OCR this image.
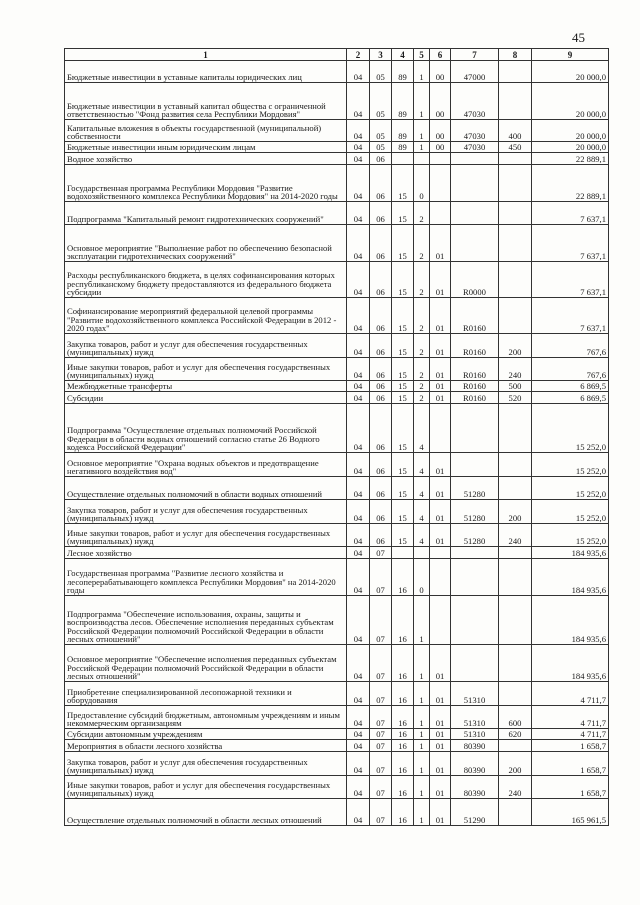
45
1	2	3	4	5	6	7	8	9
Бюджетные инвестиции в уставные капиталы юридических лиц	04	05	89	1	00	47000		20 000,0
Бюджетные инвестиции в уставный капитал общества с ограниченной ответственностью "Фонд развития села Республики Мордовия"	04	05	89	1	00	47030		20 000,0
Капитальные вложения в объекты государственной (муниципальной) собственности	04	05	89	1	00	47030	400	20 000,0
Бюджетные инвестиции иным юридическим лицам	04	05	89	1	00	47030	450	20 000,0
Водное хозяйство	04	06						22 889,1
Государственная программа Республики Мордовия "Развитие водохозяйственного комплекса Республики Мордовия" на 2014-2020 годы	04	06	15	0				22 889,1
Подпрограмма "Капитальный ремонт гидротехнических сооружений"	04	06	15	2				7 637,1
Основное мероприятие "Выполнение работ по обеспечению безопасной эксплуатации гидротехнических сооружений"	04	06	15	2	01			7 637,1
Расходы республиканского бюджета, в целях софинансирования которых республиканскому бюджету предоставляются из федерального бюджета субсидии	04	06	15	2	01	R0000		7 637,1
Софинансирование мероприятий федеральной целевой программы "Развитие водохозяйственного комплекса Российской Федерации в 2012 - 2020 годах"	04	06	15	2	01	R0160		7 637,1
Закупка товаров, работ и услуг для обеспечения государственных (муниципальных) нужд	04	06	15	2	01	R0160	200	767,6
Иные закупки товаров, работ и услуг для обеспечения государственных (муниципальных) нужд	04	06	15	2	01	R0160	240	767,6
Межбюджетные трансферты	04	06	15	2	01	R0160	500	6 869,5
Субсидии	04	06	15	2	01	R0160	520	6 869,5
Подпрограмма "Осуществление отдельных полномочий Российской Федерации в области водных отношений согласно статье 26 Водного кодекса Российской Федерации"	04	06	15	4				15 252,0
Основное мероприятие "Охрана водных объектов и предотвращение негативного воздействия вод"	04	06	15	4	01			15 252,0
Осуществление отдельных полномочий в области водных отношений	04	06	15	4	01	51280		15 252,0
Закупка товаров, работ и услуг для обеспечения государственных (муниципальных) нужд	04	06	15	4	01	51280	200	15 252,0
Иные закупки товаров, работ и услуг для обеспечения государственных (муниципальных) нужд	04	06	15	4	01	51280	240	15 252,0
Лесное хозяйство	04	07						184 935,6
Государственная программа "Развитие лесного хозяйства и лесоперерабатывающего комплекса Республики Мордовия" на 2014-2020 годы	04	07	16	0				184 935,6
Подпрограмма "Обеспечение использования, охраны, защиты и воспроизводства лесов. Обеспечение исполнения переданных субъектам Российской Федерации полномочий Российской Федерации в области лесных отношений"	04	07	16	1				184 935,6
Основное мероприятие "Обеспечение исполнения переданных субъектам Российской Федерации полномочий Российской Федерации в области лесных отношений"	04	07	16	1	01			184 935,6
Приобретение специализированной лесопожарной техники и оборудования	04	07	16	1	01	51310		4 711,7
Предоставление субсидий бюджетным, автономным учреждениям и иным некоммерческим организациям	04	07	16	1	01	51310	600	4 711,7
Субсидии автономным учреждениям	04	07	16	1	01	51310	620	4 711,7
Мероприятия в области лесного хозяйства	04	07	16	1	01	80390		1 658,7
Закупка товаров, работ и услуг для обеспечения государственных (муниципальных) нужд	04	07	16	1	01	80390	200	1 658,7
Иные закупки товаров, работ и услуг для обеспечения государственных (муниципальных) нужд	04	07	16	1	01	80390	240	1 658,7
Осуществление отдельных полномочий в области лесных отношений	04	07	16	1	01	51290		165 961,5
